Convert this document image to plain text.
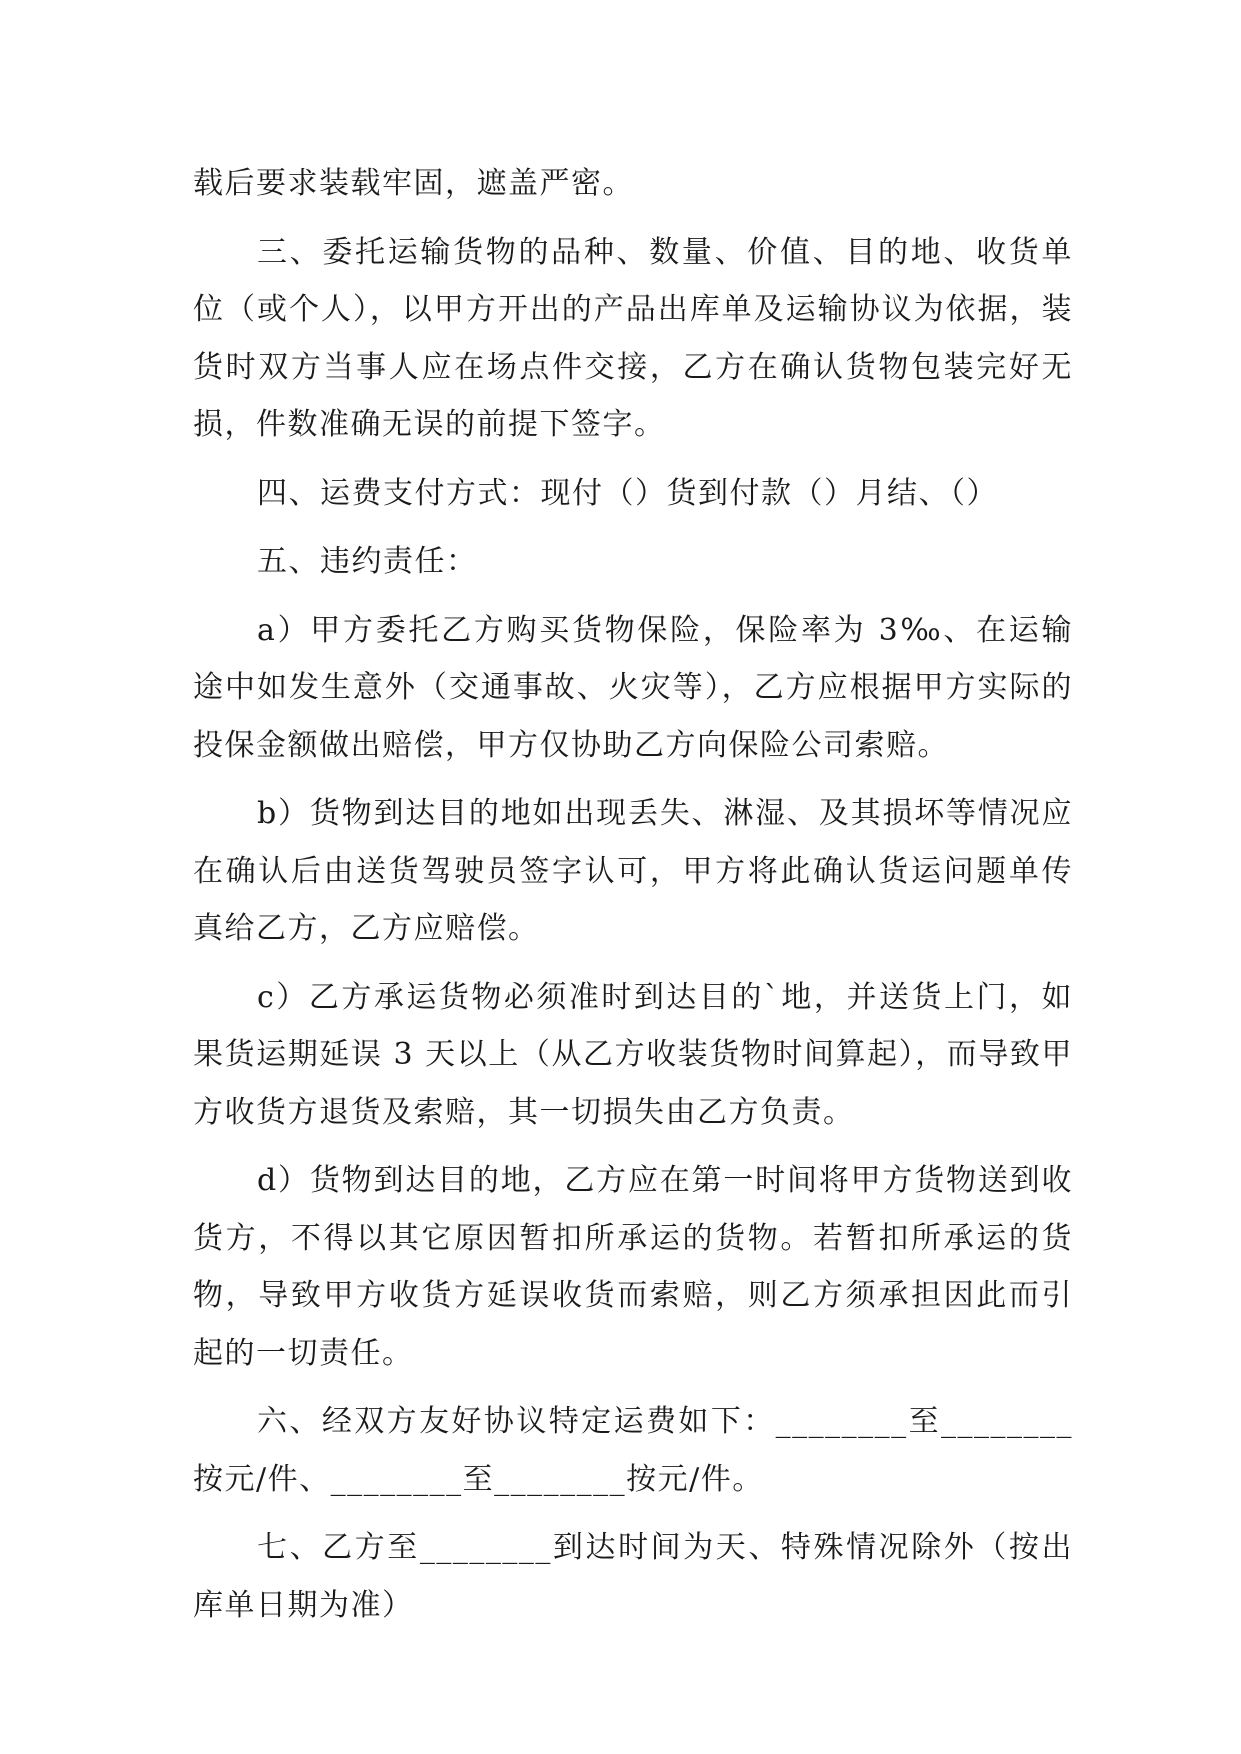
载后要求装载牢固，遮盖严密。

三、委托运输货物的品种、数量、价值、目的地、收货单位（或个人），以甲方开出的产品出库单及运输协议为依据，装货时双方当事人应在场点件交接，乙方在确认货物包装完好无损，件数准确无误的前提下签字。

四、运费支付方式：现付（）货到付款（）月结、（）

五、违约责任：

a）甲方委托乙方购买货物保险，保险率为 3‰、在运输途中如发生意外（交通事故、火灾等），乙方应根据甲方实际的投保金额做出赔偿，甲方仅协助乙方向保险公司索赔。

b）货物到达目的地如出现丢失、淋湿、及其损坏等情况应在确认后由送货驾驶员签字认可，甲方将此确认货运问题单传真给乙方，乙方应赔偿。

c）乙方承运货物必须准时到达目的`地，并送货上门，如果货运期延误 3 天以上（从乙方收装货物时间算起），而导致甲方收货方退货及索赔，其一切损失由乙方负责。

d）货物到达目的地，乙方应在第一时间将甲方货物送到收货方，不得以其它原因暂扣所承运的货物。若暂扣所承运的货物，导致甲方收货方延误收货而索赔，则乙方须承担因此而引起的一切责任。

六、经双方友好协议特定运费如下：________至________按元/件、________至________按元/件。

七、乙方至________到达时间为天、特殊情况除外（按出库单日期为准）
